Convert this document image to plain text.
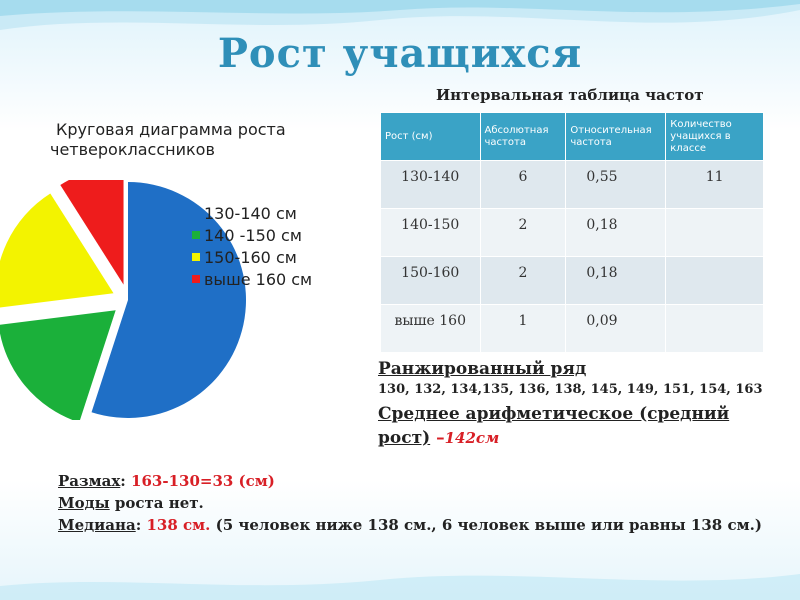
Рост учащихся
Круговая диаграмма роста
четвероклассников
130-140 см
140 -150 см
150-160 см
выше 160 см
Интервальная таблица частот
Рост (см)	Абсолютная частота	Относительная частота	Количество учащихся в классе
130-140	6	0,55	11
140-150	2	0,18	
150-160	2	0,18	
выше 160	1	0,09	
Ранжированный ряд
130, 132, 134,135, 136, 138, 145, 149, 151, 154, 163
Среднее арифметическое (средний рост) –142см
Размах: 163-130=33 (см)
Моды роста нет.
Медиана: 138 см. (5 человек ниже 138 см., 6 человек выше или равны 138 см.)
